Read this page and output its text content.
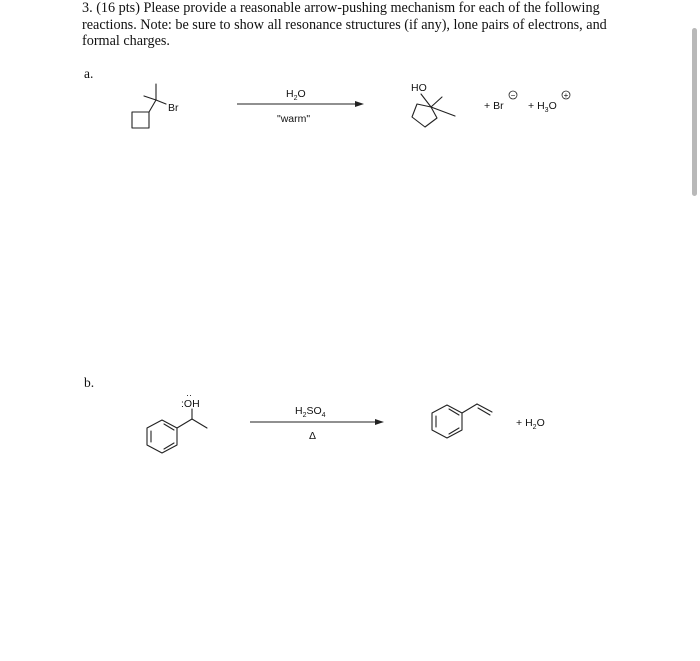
3. (16 pts) Please provide a reasonable arrow-pushing mechanism for each of the following reactions. Note: be sure to show all resonance structures (if any), lone pairs of electrons, and formal charges.

a.

b.

Br
$H_2O$
"warm"
HO
+ Br
−
+ $H_3O$
+
:OH
··
$H_2SO_4$
Δ
+ $H_2O$
